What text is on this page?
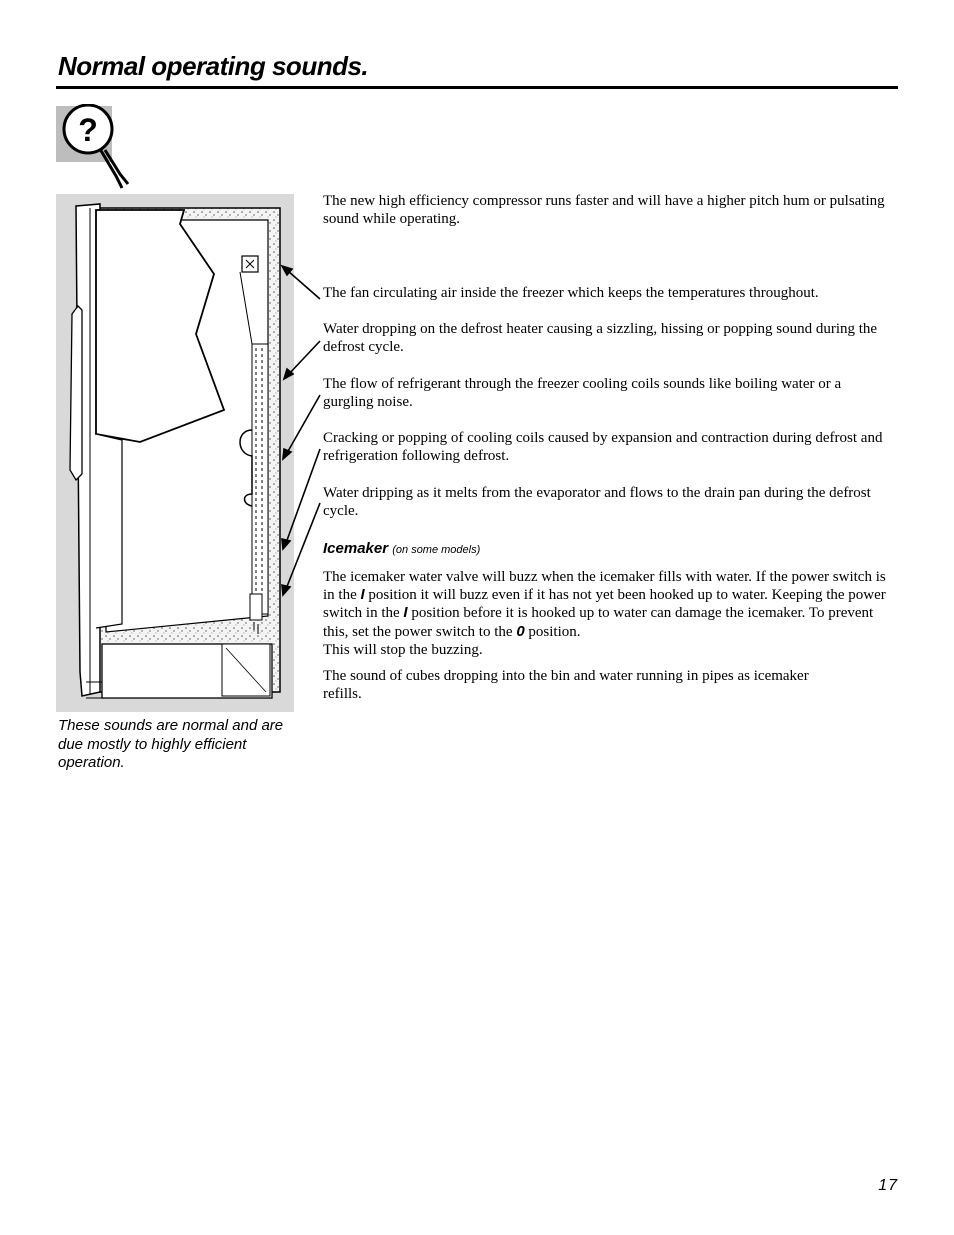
Normal operating sounds.
?

These sounds are normal and are due mostly to highly efficient operation.

The new high efficiency compressor runs faster and will have a higher pitch hum or pulsating sound while operating.

The fan circulating air inside the freezer which keeps the temperatures throughout.

Water dropping on the defrost heater causing a sizzling, hissing or popping sound during the defrost cycle.

The flow of refrigerant through the freezer cooling coils sounds like boiling water or a gurgling noise.

Cracking or popping of cooling coils caused by expansion and contraction during defrost and refrigeration following defrost.

Water dripping as it melts from the evaporator and flows to the drain pan during the defrost cycle.

Icemaker (on some models)

The icemaker water valve will buzz when the icemaker fills with water. If the power switch is in the I position it will buzz even if it has not yet been hooked up to water. Keeping the power switch in the I position before it is hooked up to water can damage the icemaker. To prevent this, set the power switch to the 0 position.
This will stop the buzzing.

The sound of cubes dropping into the bin and water running in pipes as icemaker refills.

17
